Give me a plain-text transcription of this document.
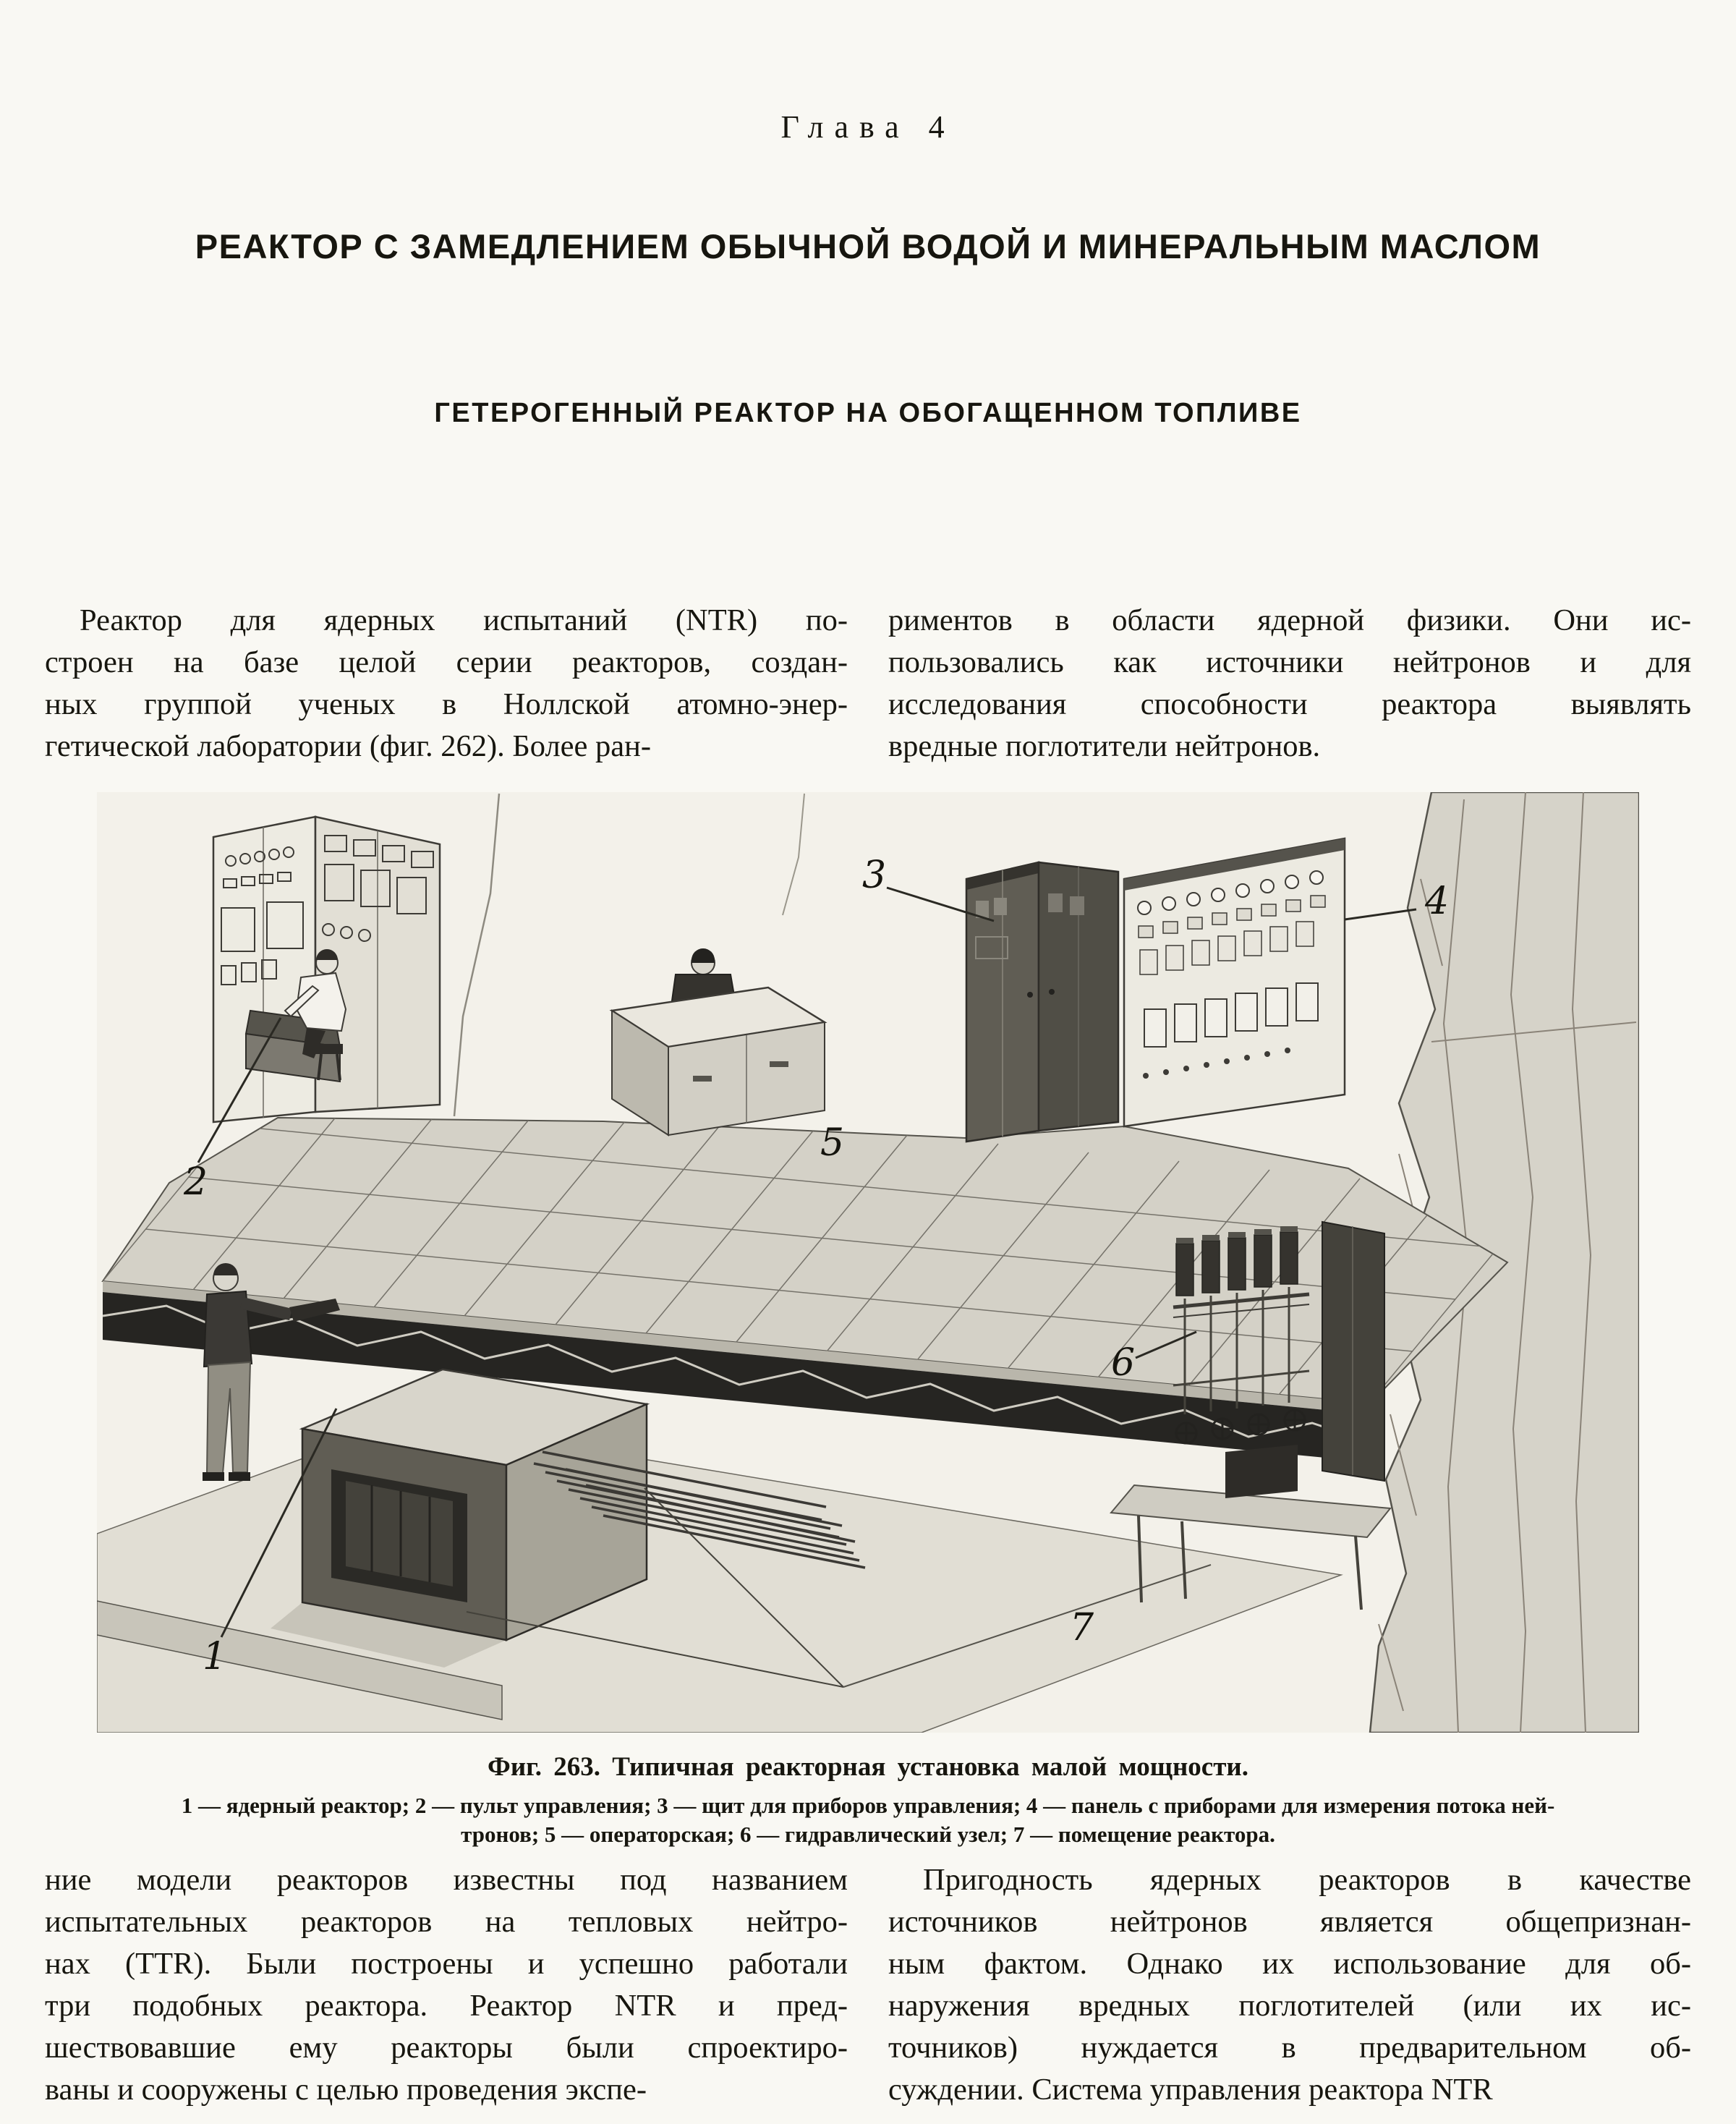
Глава 4
РЕАКТОР С ЗАМЕДЛЕНИЕМ ОБЫЧНОЙ ВОДОЙ И МИНЕРАЛЬНЫМ МАСЛОМ
ГЕТЕРОГЕННЫЙ РЕАКТОР НА ОБОГАЩЕННОМ ТОПЛИВЕ
Реактор для ядерных испытаний (NTR) по-
строен на базе целой серии реакторов, создан-
ных группой ученых в Ноллской атомно-энер-
гетической лаборатории (фиг. 262). Более ран-
риментов в области ядерной физики. Они ис-
пользовались как источники нейтронов и для
исследования способности реактора выявлять
вредные поглотители нейтронов.
1
2
3
4
5
6
7
Фиг. 263. Типичная реакторная установка малой мощности.
1 — ядерный реактор; 2 — пульт управления; 3 — щит для приборов управления; 4 — панель с приборами для измерения потока ней-
тронов; 5 — операторская; 6 — гидравлический узел; 7 — помещение реактора.
ние модели реакторов известны под названием
испытательных реакторов на тепловых нейтро-
нах (TTR). Были построены и успешно работали
три подобных реактора. Реактор NTR и пред-
шествовавшие ему реакторы были спроектиро-
ваны и сооружены с целью проведения экспе-
Пригодность ядерных реакторов в качестве
источников нейтронов является общепризнан-
ным фактом. Однако их использование для об-
наружения вредных поглотителей (или их ис-
точников) нуждается в предварительном об-
суждении. Система управления реактора NTR
